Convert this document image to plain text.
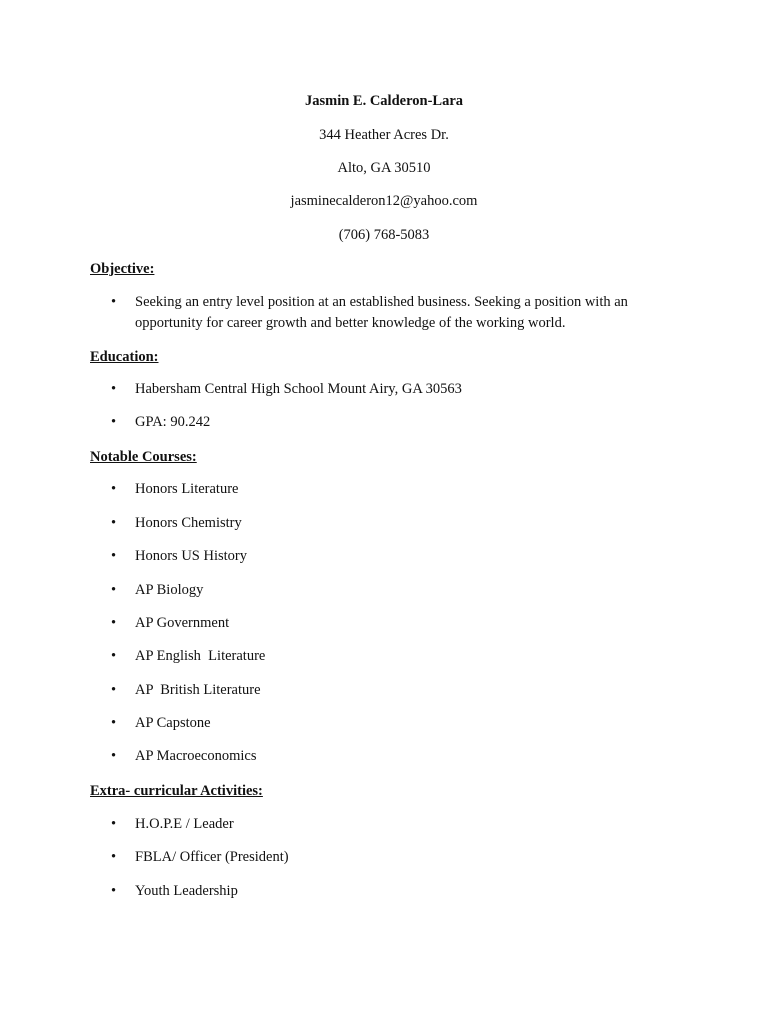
Jasmin E. Calderon-Lara
344 Heather Acres Dr.
Alto, GA 30510
jasminecalderon12@yahoo.com
(706) 768-5083
Objective:
• Seeking an entry level position at an established business. Seeking a position with an opportunity for career growth and better knowledge of the working world.
Education:
• Habersham Central High School Mount Airy, GA 30563
• GPA: 90.242
Notable Courses:
• Honors Literature
• Honors Chemistry
• Honors US History
• AP Biology
• AP Government
• AP English  Literature
• AP  British Literature
• AP Capstone
• AP Macroeconomics
Extra- curricular Activities:
• H.O.P.E / Leader
• FBLA/ Officer (President)
• Youth Leadership
